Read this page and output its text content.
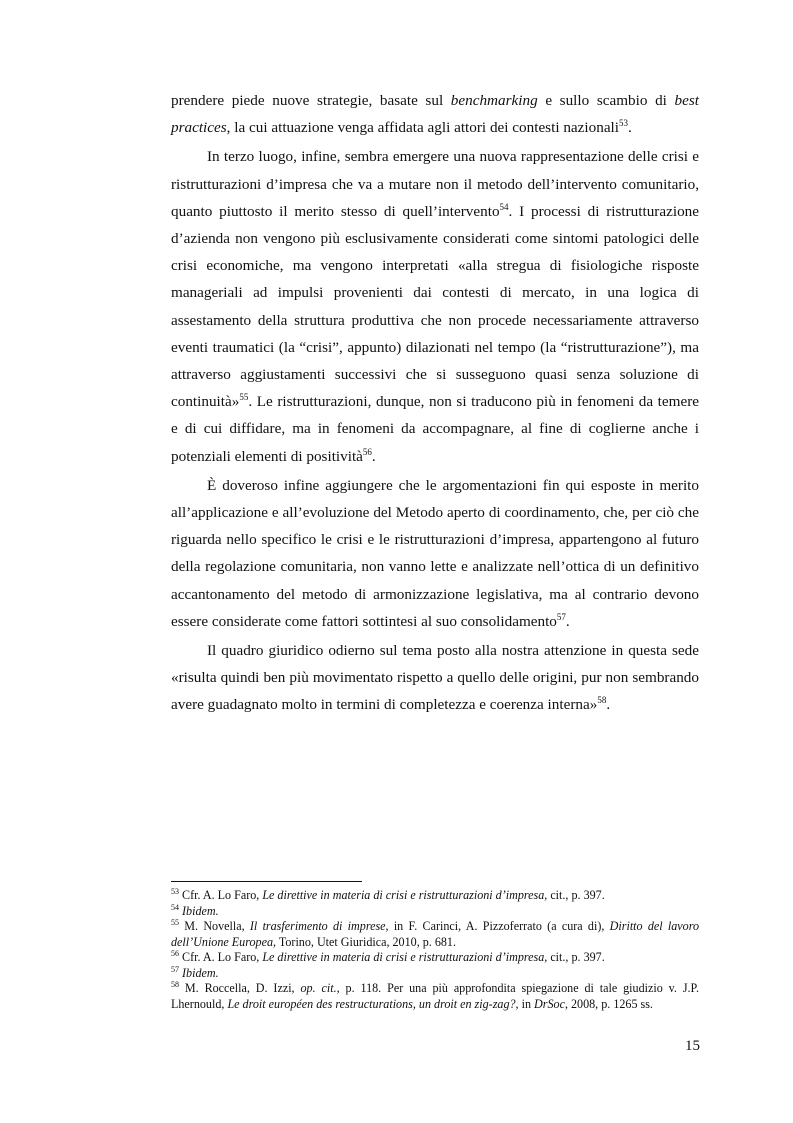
prendere piede nuove strategie, basate sul benchmarking e sullo scambio di best practices, la cui attuazione venga affidata agli attori dei contesti nazionali$^{53}$.

In terzo luogo, infine, sembra emergere una nuova rappresentazione delle crisi e ristrutturazioni d’impresa che va a mutare non il metodo dell’intervento comunitario, quanto piuttosto il merito stesso di quell’intervento$^{54}$. I processi di ristrutturazione d’azienda non vengono più esclusivamente considerati come sintomi patologici delle crisi economiche, ma vengono interpretati «alla stregua di fisiologiche risposte manageriali ad impulsi provenienti dai contesti di mercato, in una logica di assestamento della struttura produttiva che non procede necessariamente attraverso eventi traumatici (la “crisi”, appunto) dilazionati nel tempo (la “ristrutturazione”), ma attraverso aggiustamenti successivi che si susseguono quasi senza soluzione di continuità»$^{55}$. Le ristrutturazioni, dunque, non si traducono più in fenomeni da temere e di cui diffidare, ma in fenomeni da accompagnare, al fine di coglierne anche i potenziali elementi di positività$^{56}$.

È doveroso infine aggiungere che le argomentazioni fin qui esposte in merito all’applicazione e all’evoluzione del Metodo aperto di coordinamento, che, per ciò che riguarda nello specifico le crisi e le ristrutturazioni d’impresa, appartengono al futuro della regolazione comunitaria, non vanno lette e analizzate nell’ottica di un definitivo accantonamento del metodo di armonizzazione legislativa, ma al contrario devono essere considerate come fattori sottintesi al suo consolidamento$^{57}$.

Il quadro giuridico odierno sul tema posto alla nostra attenzione in questa sede «risulta quindi ben più movimentato rispetto a quello delle origini, pur non sembrando avere guadagnato molto in termini di completezza e coerenza interna»$^{58}$.

$^{53}$ Cfr. A. Lo Faro, Le direttive in materia di crisi e ristrutturazioni d’impresa, cit., p. 397.
$^{54}$ Ibidem.
$^{55}$ M. Novella, Il trasferimento di imprese, in F. Carinci, A. Pizzoferrato (a cura di), Diritto del lavoro dell’Unione Europea, Torino, Utet Giuridica, 2010, p. 681.
$^{56}$ Cfr. A. Lo Faro, Le direttive in materia di crisi e ristrutturazioni d’impresa, cit., p. 397.
$^{57}$ Ibidem.
$^{58}$ M. Roccella, D. Izzi, op. cit., p. 118. Per una più approfondita spiegazione di tale giudizio v. J.P. Lhernould, Le droit européen des restructurations, un droit en zig-zag?, in DrSoc, 2008, p. 1265 ss.
15
